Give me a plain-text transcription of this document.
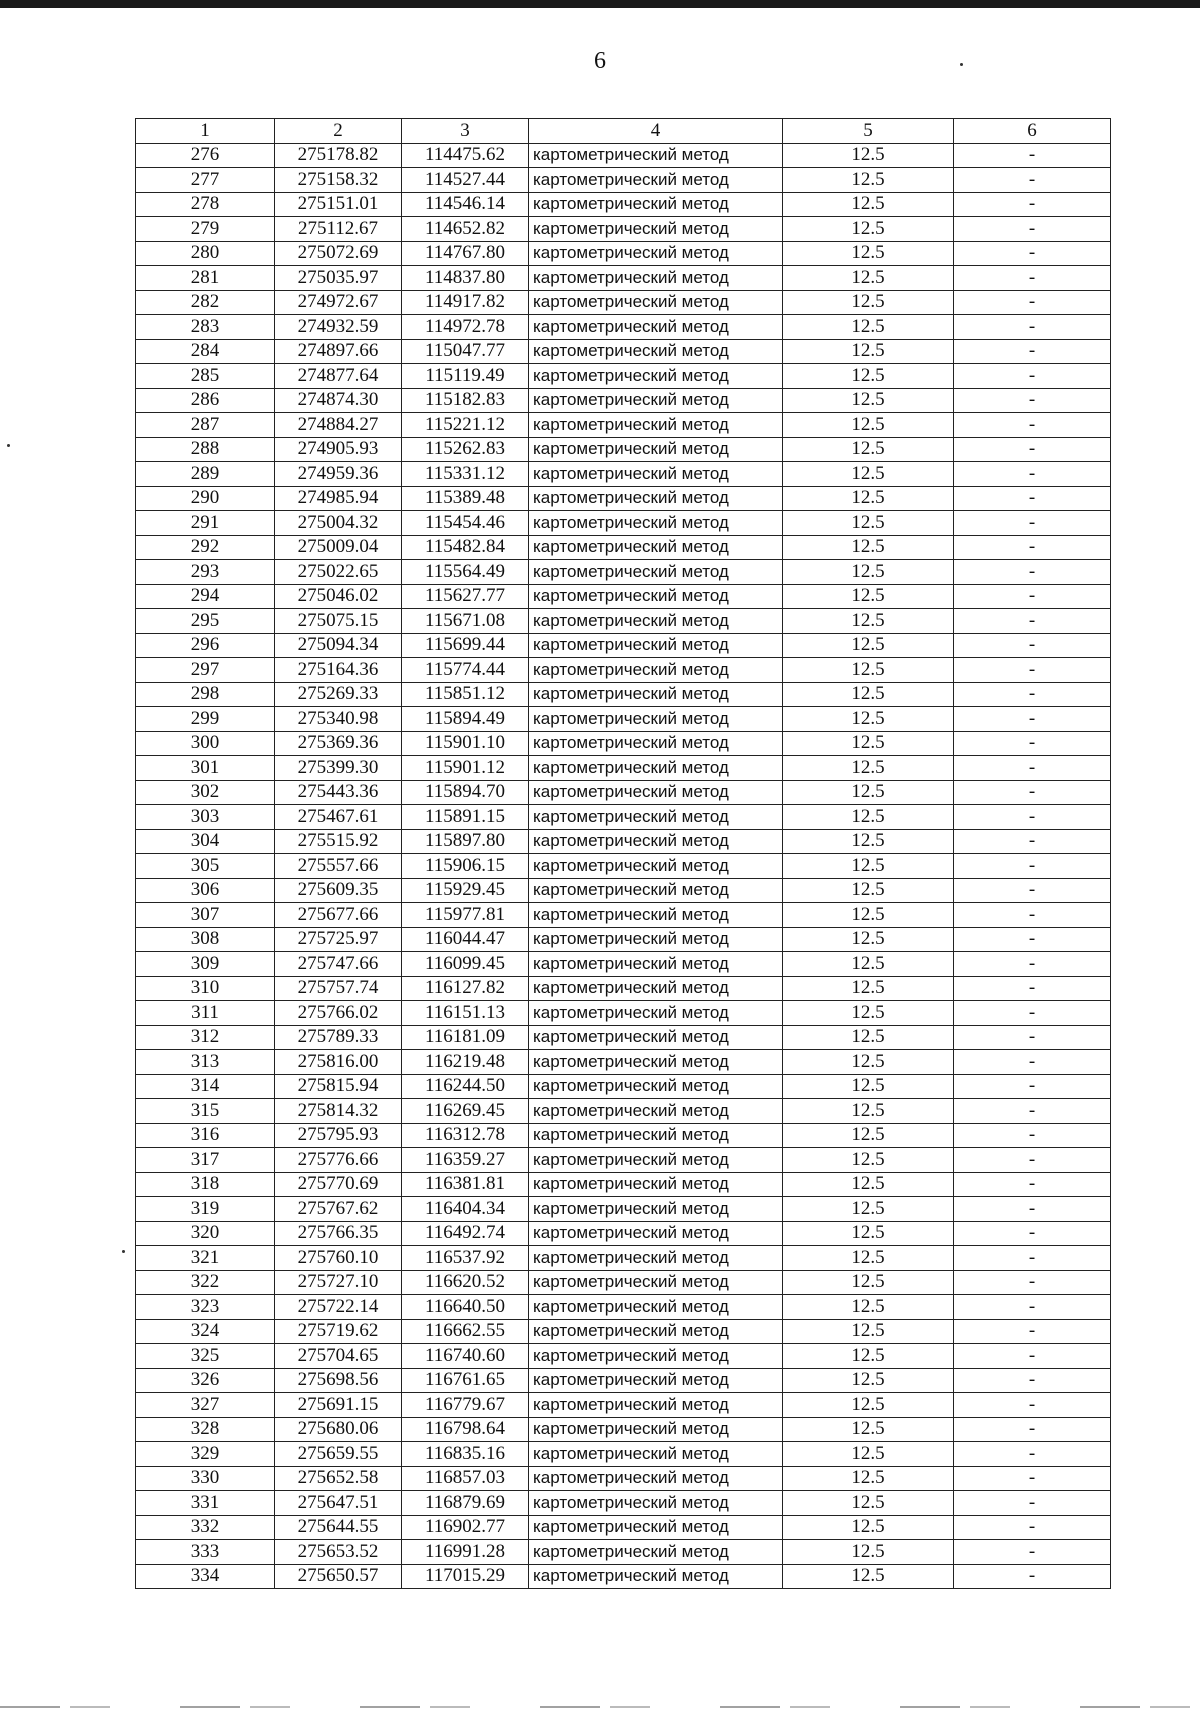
6
1	2	3	4	5	6
276	275178.82	114475.62	картометрический метод	12.5	-
277	275158.32	114527.44	картометрический метод	12.5	-
278	275151.01	114546.14	картометрический метод	12.5	-
279	275112.67	114652.82	картометрический метод	12.5	-
280	275072.69	114767.80	картометрический метод	12.5	-
281	275035.97	114837.80	картометрический метод	12.5	-
282	274972.67	114917.82	картометрический метод	12.5	-
283	274932.59	114972.78	картометрический метод	12.5	-
284	274897.66	115047.77	картометрический метод	12.5	-
285	274877.64	115119.49	картометрический метод	12.5	-
286	274874.30	115182.83	картометрический метод	12.5	-
287	274884.27	115221.12	картометрический метод	12.5	-
288	274905.93	115262.83	картометрический метод	12.5	-
289	274959.36	115331.12	картометрический метод	12.5	-
290	274985.94	115389.48	картометрический метод	12.5	-
291	275004.32	115454.46	картометрический метод	12.5	-
292	275009.04	115482.84	картометрический метод	12.5	-
293	275022.65	115564.49	картометрический метод	12.5	-
294	275046.02	115627.77	картометрический метод	12.5	-
295	275075.15	115671.08	картометрический метод	12.5	-
296	275094.34	115699.44	картометрический метод	12.5	-
297	275164.36	115774.44	картометрический метод	12.5	-
298	275269.33	115851.12	картометрический метод	12.5	-
299	275340.98	115894.49	картометрический метод	12.5	-
300	275369.36	115901.10	картометрический метод	12.5	-
301	275399.30	115901.12	картометрический метод	12.5	-
302	275443.36	115894.70	картометрический метод	12.5	-
303	275467.61	115891.15	картометрический метод	12.5	-
304	275515.92	115897.80	картометрический метод	12.5	-
305	275557.66	115906.15	картометрический метод	12.5	-
306	275609.35	115929.45	картометрический метод	12.5	-
307	275677.66	115977.81	картометрический метод	12.5	-
308	275725.97	116044.47	картометрический метод	12.5	-
309	275747.66	116099.45	картометрический метод	12.5	-
310	275757.74	116127.82	картометрический метод	12.5	-
311	275766.02	116151.13	картометрический метод	12.5	-
312	275789.33	116181.09	картометрический метод	12.5	-
313	275816.00	116219.48	картометрический метод	12.5	-
314	275815.94	116244.50	картометрический метод	12.5	-
315	275814.32	116269.45	картометрический метод	12.5	-
316	275795.93	116312.78	картометрический метод	12.5	-
317	275776.66	116359.27	картометрический метод	12.5	-
318	275770.69	116381.81	картометрический метод	12.5	-
319	275767.62	116404.34	картометрический метод	12.5	-
320	275766.35	116492.74	картометрический метод	12.5	-
321	275760.10	116537.92	картометрический метод	12.5	-
322	275727.10	116620.52	картометрический метод	12.5	-
323	275722.14	116640.50	картометрический метод	12.5	-
324	275719.62	116662.55	картометрический метод	12.5	-
325	275704.65	116740.60	картометрический метод	12.5	-
326	275698.56	116761.65	картометрический метод	12.5	-
327	275691.15	116779.67	картометрический метод	12.5	-
328	275680.06	116798.64	картометрический метод	12.5	-
329	275659.55	116835.16	картометрический метод	12.5	-
330	275652.58	116857.03	картометрический метод	12.5	-
331	275647.51	116879.69	картометрический метод	12.5	-
332	275644.55	116902.77	картометрический метод	12.5	-
333	275653.52	116991.28	картометрический метод	12.5	-
334	275650.57	117015.29	картометрический метод	12.5	-
